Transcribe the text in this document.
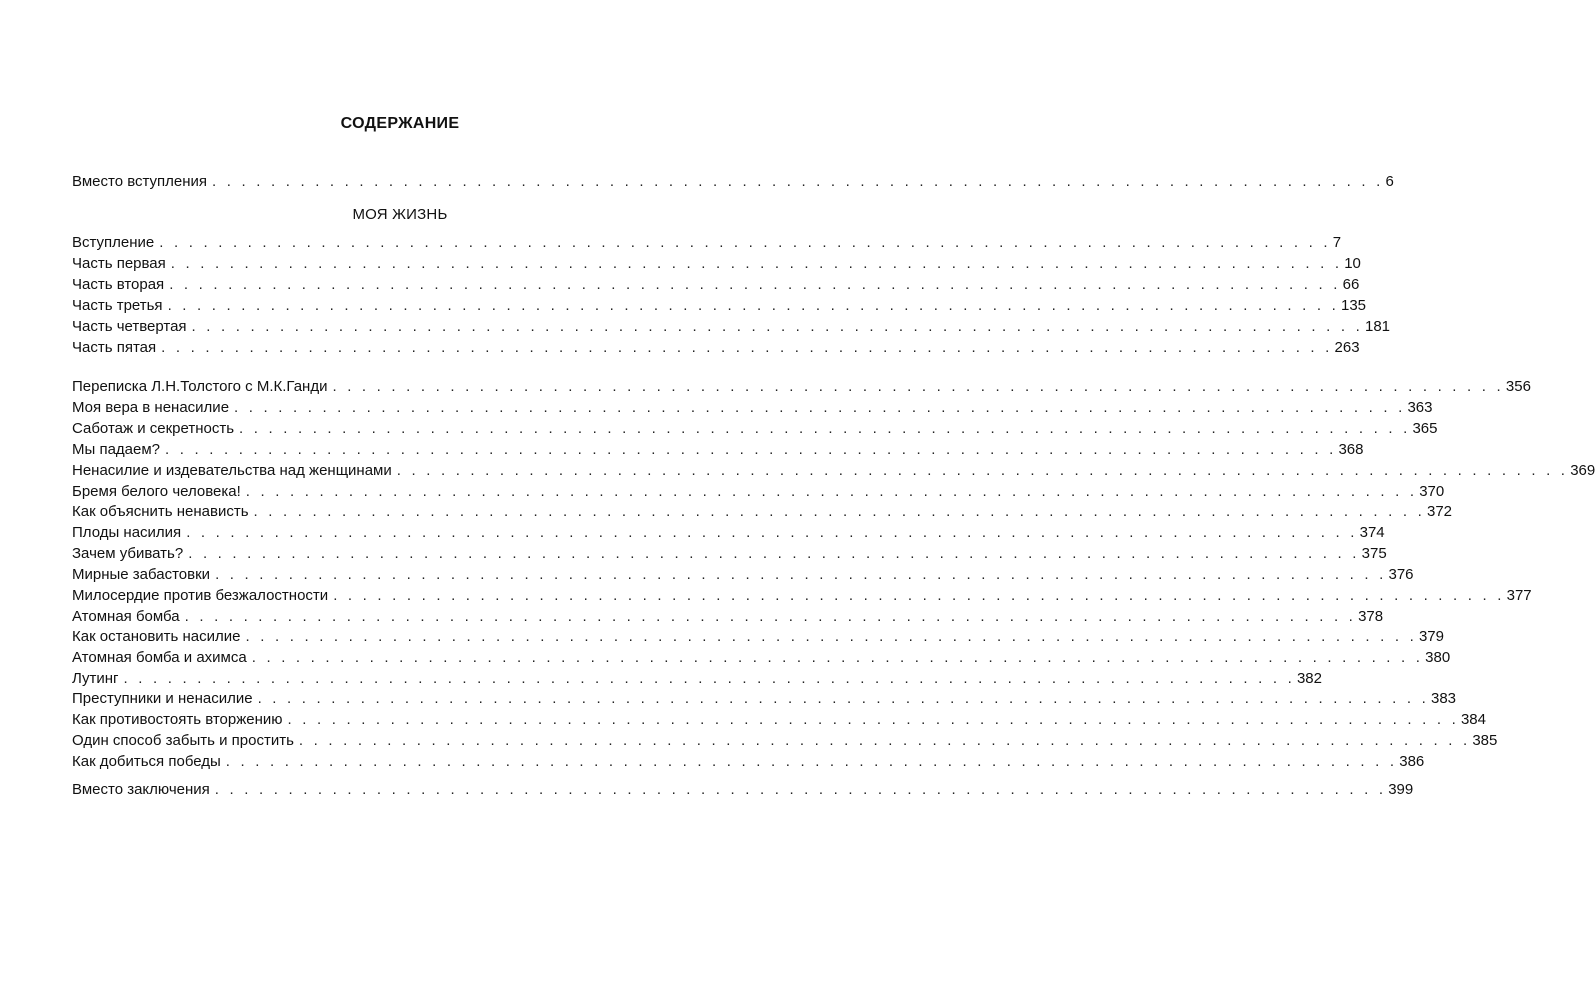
СОДЕРЖАНИЕ
МОЯ ЖИЗНЬ
Вместо вступления . . . . . . . . . . . . . . . . . . . . . . . . . . . . . . . . . . . . . . . . . . . . . . . . . . . . . . . . . . . . . . . . . . . . . . . . . . . . . . . . 6
Вступление . . . . . . . . . . . . . . . . . . . . . . . . . . . . . . . . . . . . . . . . . . . . . . . . . . . . . . . . . . . . . . . . . . . . . . . . . . . . . . . . 7
Часть первая . . . . . . . . . . . . . . . . . . . . . . . . . . . . . . . . . . . . . . . . . . . . . . . . . . . . . . . . . . . . . . . . . . . . . . . . . . . . . . . . 10
Часть вторая . . . . . . . . . . . . . . . . . . . . . . . . . . . . . . . . . . . . . . . . . . . . . . . . . . . . . . . . . . . . . . . . . . . . . . . . . . . . . . . . 66
Часть третья . . . . . . . . . . . . . . . . . . . . . . . . . . . . . . . . . . . . . . . . . . . . . . . . . . . . . . . . . . . . . . . . . . . . . . . . . . . . . . . . 135
Часть четвертая . . . . . . . . . . . . . . . . . . . . . . . . . . . . . . . . . . . . . . . . . . . . . . . . . . . . . . . . . . . . . . . . . . . . . . . . . . . . . . . . 181
Часть пятая . . . . . . . . . . . . . . . . . . . . . . . . . . . . . . . . . . . . . . . . . . . . . . . . . . . . . . . . . . . . . . . . . . . . . . . . . . . . . . . . 263
Переписка Л.Н.Толстого с М.К.Ганди . . . . . . . . . . . . . . . . . . . . . . . . . . . . . . . . . . . . . . . . . . . . . . . . . . . . . . . . . . . . . . . . . . . . . . . . . . . . . . . . 356
Моя вера в ненасилие . . . . . . . . . . . . . . . . . . . . . . . . . . . . . . . . . . . . . . . . . . . . . . . . . . . . . . . . . . . . . . . . . . . . . . . . . . . . . . . . 363
Саботаж и секретность . . . . . . . . . . . . . . . . . . . . . . . . . . . . . . . . . . . . . . . . . . . . . . . . . . . . . . . . . . . . . . . . . . . . . . . . . . . . . . . . 365
Мы падаем? . . . . . . . . . . . . . . . . . . . . . . . . . . . . . . . . . . . . . . . . . . . . . . . . . . . . . . . . . . . . . . . . . . . . . . . . . . . . . . . . 368
Ненасилие и издевательства над женщинами . . . . . . . . . . . . . . . . . . . . . . . . . . . . . . . . . . . . . . . . . . . . . . . . . . . . . . . . . . . . . . . . . . . . . . . . . . . . . . . . 369
Бремя белого человека! . . . . . . . . . . . . . . . . . . . . . . . . . . . . . . . . . . . . . . . . . . . . . . . . . . . . . . . . . . . . . . . . . . . . . . . . . . . . . . . . 370
Как объяснить ненависть . . . . . . . . . . . . . . . . . . . . . . . . . . . . . . . . . . . . . . . . . . . . . . . . . . . . . . . . . . . . . . . . . . . . . . . . . . . . . . . . 372
Плоды насилия . . . . . . . . . . . . . . . . . . . . . . . . . . . . . . . . . . . . . . . . . . . . . . . . . . . . . . . . . . . . . . . . . . . . . . . . . . . . . . . . 374
Зачем убивать? . . . . . . . . . . . . . . . . . . . . . . . . . . . . . . . . . . . . . . . . . . . . . . . . . . . . . . . . . . . . . . . . . . . . . . . . . . . . . . . . 375
Мирные забастовки . . . . . . . . . . . . . . . . . . . . . . . . . . . . . . . . . . . . . . . . . . . . . . . . . . . . . . . . . . . . . . . . . . . . . . . . . . . . . . . . 376
Милосердие против безжалостности . . . . . . . . . . . . . . . . . . . . . . . . . . . . . . . . . . . . . . . . . . . . . . . . . . . . . . . . . . . . . . . . . . . . . . . . . . . . . . . . 377
Атомная бомба . . . . . . . . . . . . . . . . . . . . . . . . . . . . . . . . . . . . . . . . . . . . . . . . . . . . . . . . . . . . . . . . . . . . . . . . . . . . . . . . 378
Как остановить насилие . . . . . . . . . . . . . . . . . . . . . . . . . . . . . . . . . . . . . . . . . . . . . . . . . . . . . . . . . . . . . . . . . . . . . . . . . . . . . . . . 379
Атомная бомба и ахимса . . . . . . . . . . . . . . . . . . . . . . . . . . . . . . . . . . . . . . . . . . . . . . . . . . . . . . . . . . . . . . . . . . . . . . . . . . . . . . . . 380
Лутинг . . . . . . . . . . . . . . . . . . . . . . . . . . . . . . . . . . . . . . . . . . . . . . . . . . . . . . . . . . . . . . . . . . . . . . . . . . . . . . . . 382
Преступники и ненасилие . . . . . . . . . . . . . . . . . . . . . . . . . . . . . . . . . . . . . . . . . . . . . . . . . . . . . . . . . . . . . . . . . . . . . . . . . . . . . . . . 383
Как противостоять вторжению . . . . . . . . . . . . . . . . . . . . . . . . . . . . . . . . . . . . . . . . . . . . . . . . . . . . . . . . . . . . . . . . . . . . . . . . . . . . . . . . 384
Один способ забыть и простить . . . . . . . . . . . . . . . . . . . . . . . . . . . . . . . . . . . . . . . . . . . . . . . . . . . . . . . . . . . . . . . . . . . . . . . . . . . . . . . . 385
Как добиться победы . . . . . . . . . . . . . . . . . . . . . . . . . . . . . . . . . . . . . . . . . . . . . . . . . . . . . . . . . . . . . . . . . . . . . . . . . . . . . . . . 386
Вместо заключения . . . . . . . . . . . . . . . . . . . . . . . . . . . . . . . . . . . . . . . . . . . . . . . . . . . . . . . . . . . . . . . . . . . . . . . . . . . . . . . . 399
